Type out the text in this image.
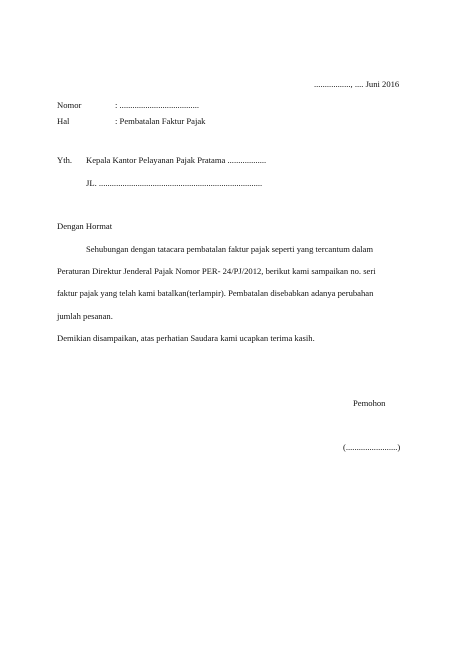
................., .... Juni 2016
Nomor	: .....................................
Hal	: Pembatalan Faktur Pajak
Yth. Kepala Kantor Pelayanan Pajak Pratama ..................
JL. ............................................................................
Dengan Hormat
Sehubungan dengan tatacara pembatalan faktur pajak seperti yang tercantum dalam
Peraturan Direktur Jenderal Pajak Nomor PER- 24/PJ/2012, berikut kami sampaikan no. seri
faktur pajak yang telah kami batalkan(terlampir). Pembatalan disebabkan adanya perubahan
jumlah pesanan.
Demikian disampaikan, atas perhatian Saudara kami ucapkan terima kasih.
Pemohon
(........................)
